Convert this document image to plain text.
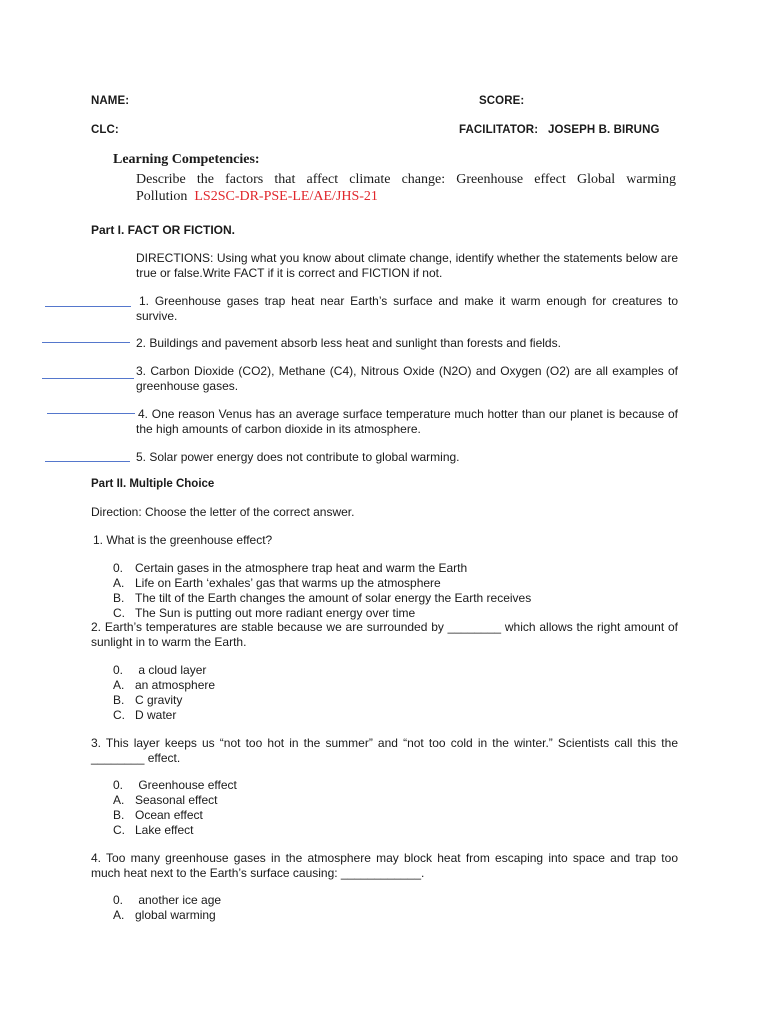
NAME:	SCORE:
CLC:	FACILITATOR:   JOSEPH B. BIRUNG
Learning Competencies:
Describe the factors that affect climate change: Greenhouse effect Global warming
Pollution LS2SC-DR-PSE-LE/AE/JHS-21
Part I. FACT OR FICTION.
DIRECTIONS: Using what you know about climate change, identify whether the statements below are true or false.Write FACT if it is correct and FICTION if not.
1. Greenhouse gases trap heat near Earth’s surface and make it warm enough for creatures to survive.
2. Buildings and pavement absorb less heat and sunlight than forests and fields.
3. Carbon Dioxide (CO2), Methane (C4), Nitrous Oxide (N2O) and Oxygen (O2) are all examples of greenhouse gases.
4. One reason Venus has an average surface temperature much hotter than our planet is because of the high amounts of carbon dioxide in its atmosphere.
5. Solar power energy does not contribute to global warming.
Part II. Multiple Choice
Direction: Choose the letter of the correct answer.
1. What is the greenhouse effect?
0. Certain gases in the atmosphere trap heat and warm the Earth
A. Life on Earth ‘exhales’ gas that warms up the atmosphere
B. The tilt of the Earth changes the amount of solar energy the Earth receives
C. The Sun is putting out more radiant energy over time
2. Earth’s temperatures are stable because we are surrounded by ________ which allows the right amount of sunlight in to warm the Earth.
0. a cloud layer
A. an atmosphere
B. C gravity
C. D water
3. This layer keeps us “not too hot in the summer” and “not too cold in the winter.” Scientists call this the ________ effect.
0. Greenhouse effect
A. Seasonal effect
B. Ocean effect
C. Lake effect
4. Too many greenhouse gases in the atmosphere may block heat from escaping into space and trap too much heat next to the Earth’s surface causing: ____________.
0. another ice age
A. global warming
